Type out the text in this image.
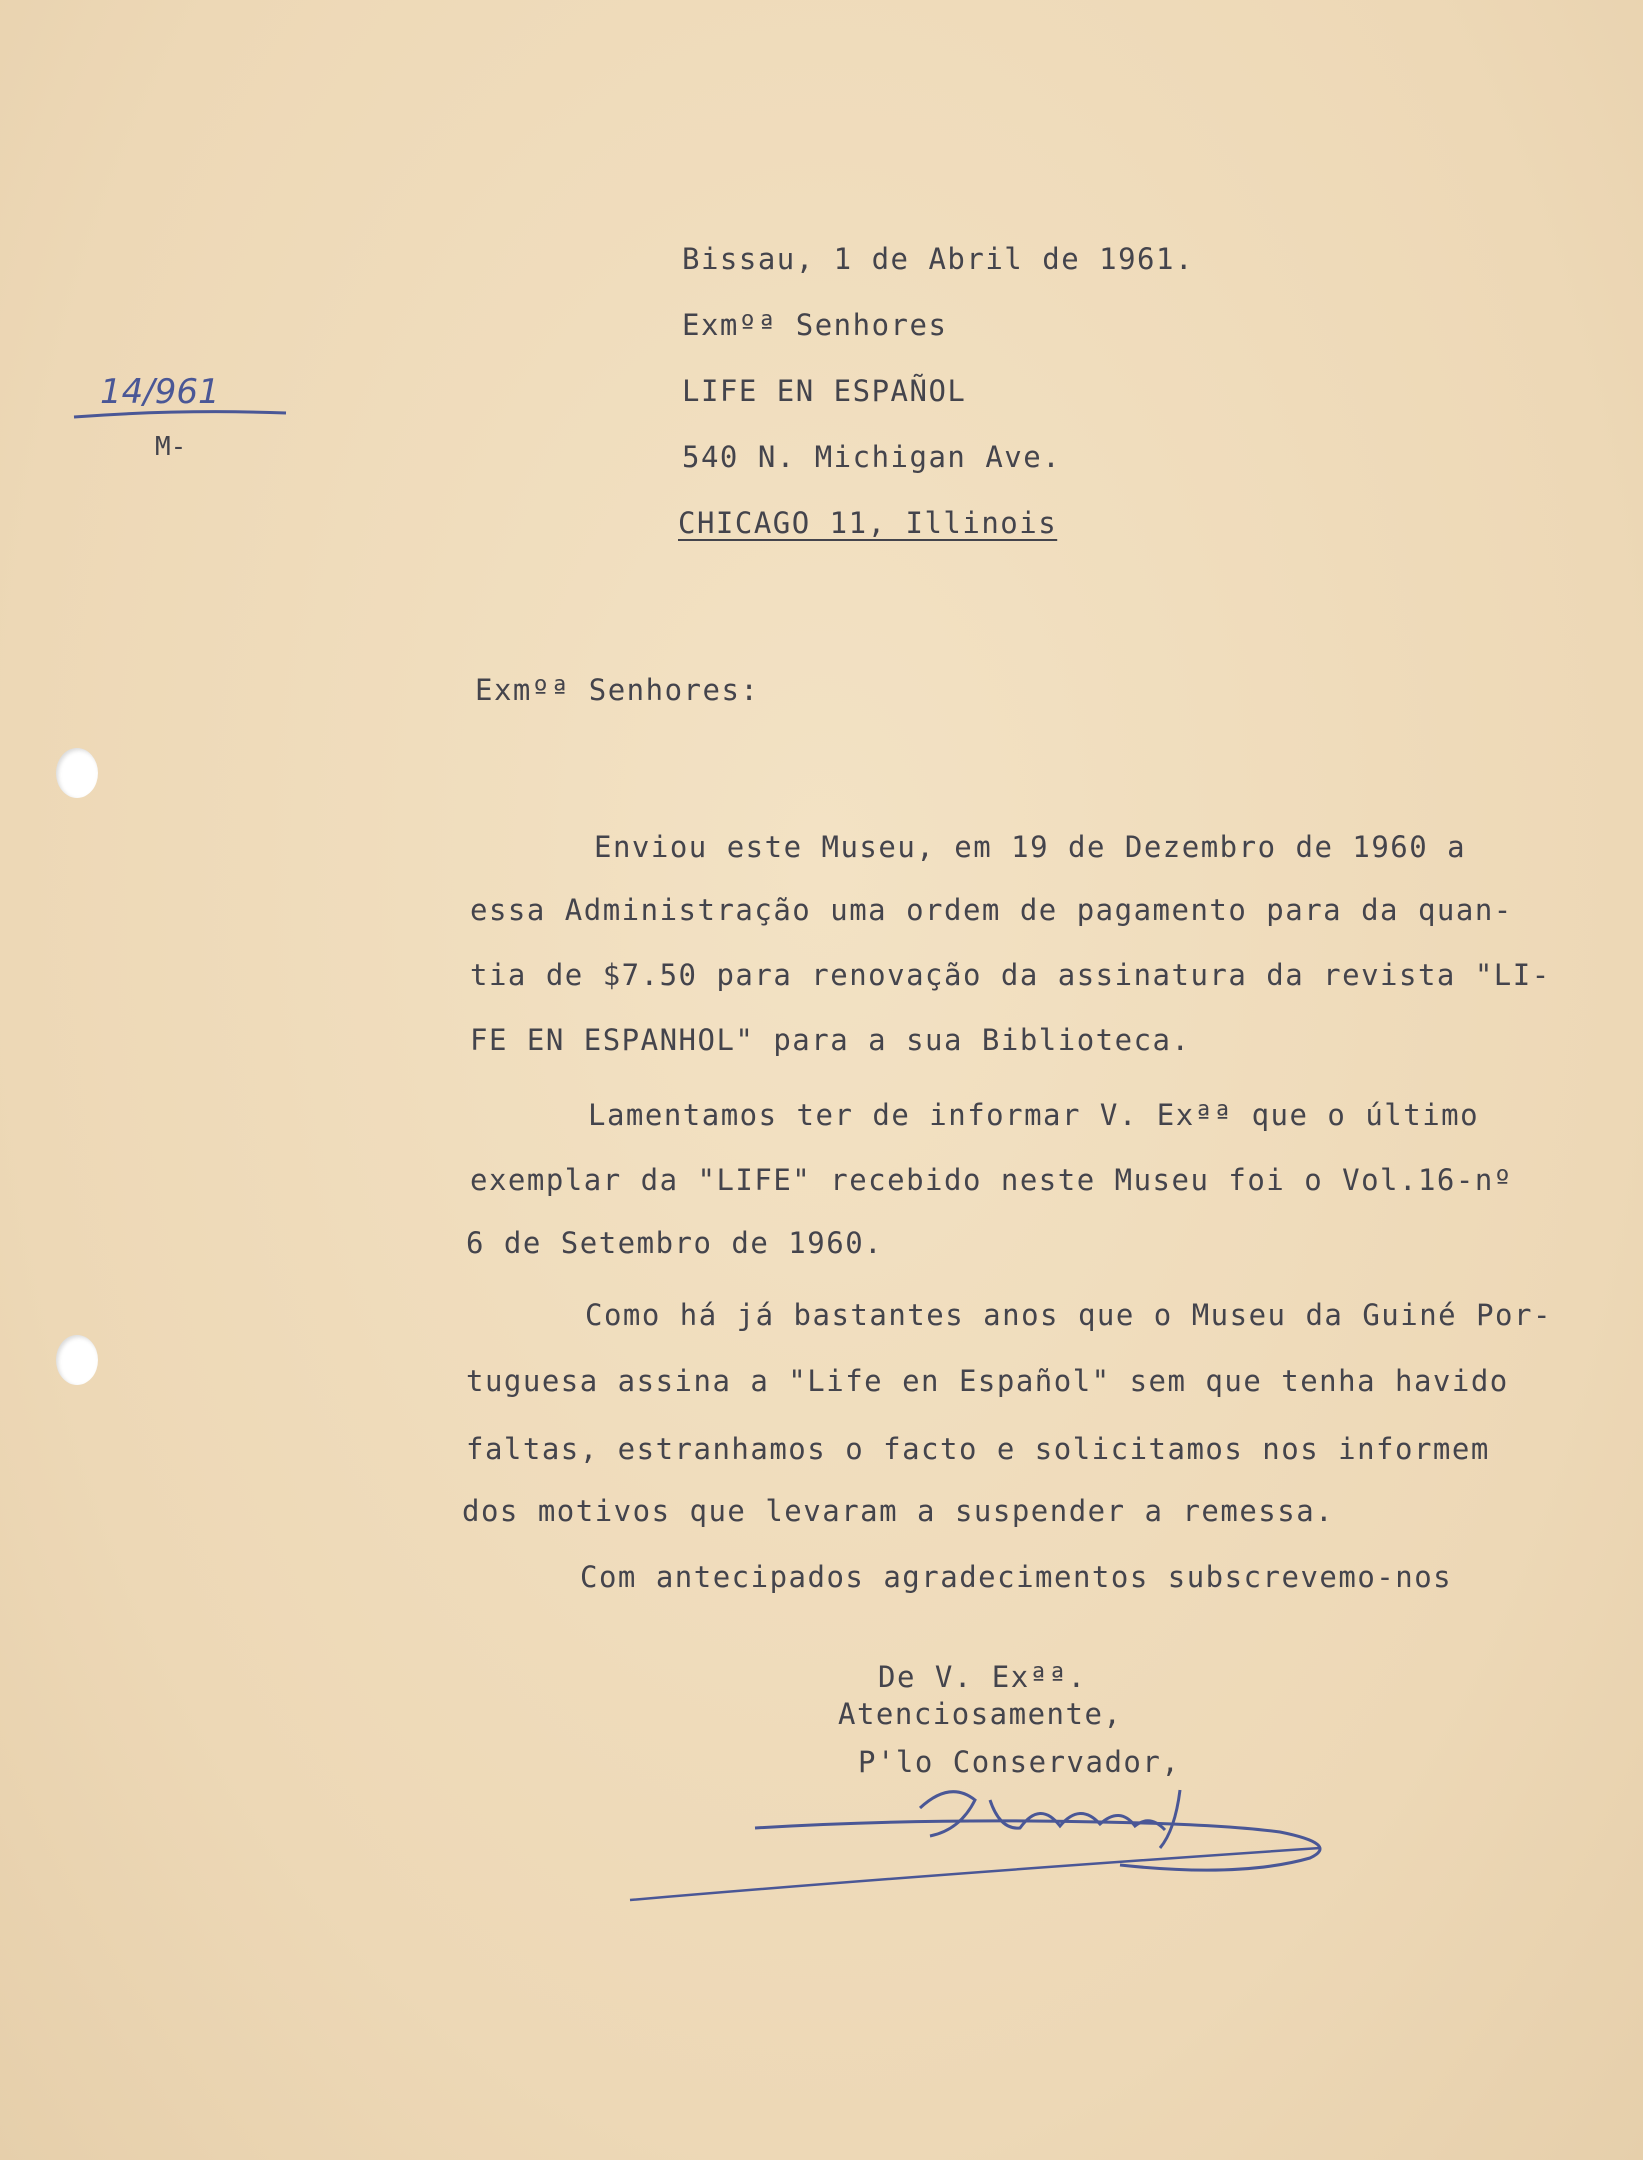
14/961
M-
Bissau, 1 de Abril de 1961.
Exmºª Senhores
LIFE EN ESPAÑOL
540 N. Michigan Ave.
CHICAGO 11, Illinois
Exmºª Senhores:
Enviou este Museu, em 19 de Dezembro de 1960 a
essa Administração uma ordem de pagamento para da quan-
tia de $7.50 para renovação da assinatura da revista "LI-
FE EN ESPANHOL" para a sua Biblioteca.
Lamentamos ter de informar V. Exªª que o último
exemplar da "LIFE" recebido neste Museu foi o Vol.16-nº
6 de Setembro de 1960.
Como há já bastantes anos que o Museu da Guiné Por-
tuguesa assina a "Life en Español" sem que tenha havido
faltas, estranhamos o facto e solicitamos nos informem
dos motivos que levaram a suspender a remessa.
Com antecipados agradecimentos subscrevemo-nos
De V. Exªª.
Atenciosamente,
P'lo Conservador,
